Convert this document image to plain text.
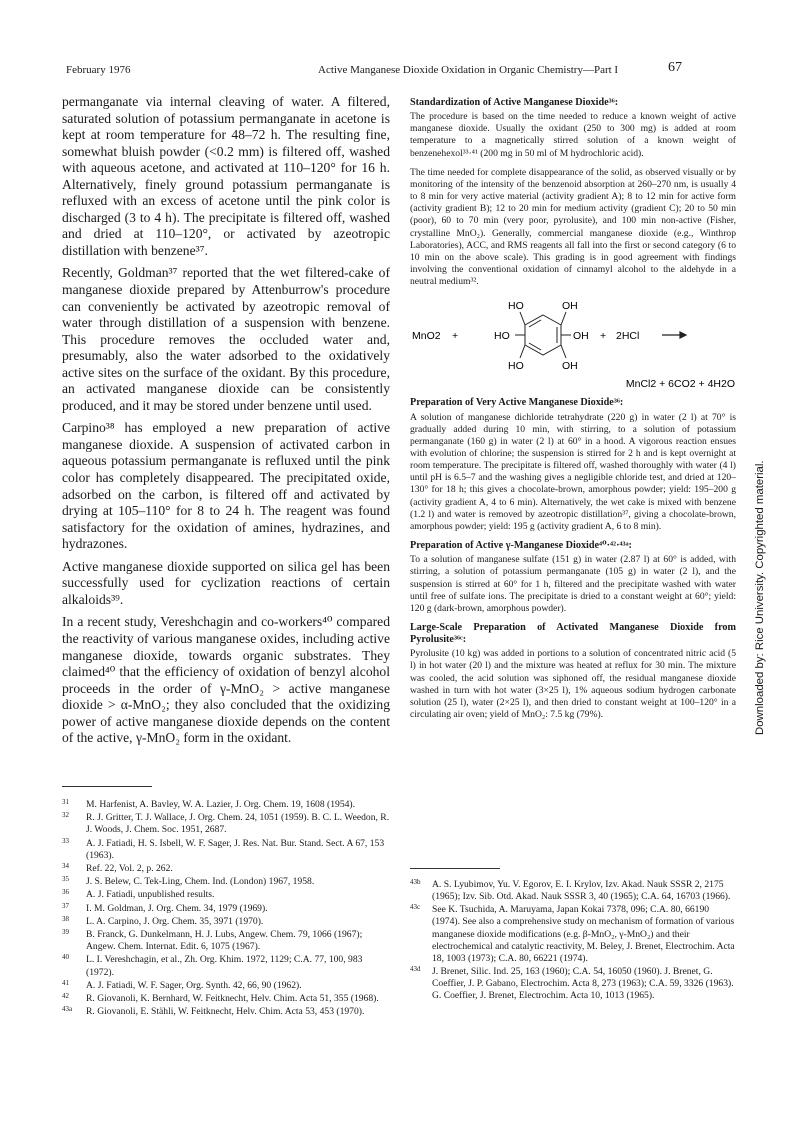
February 1976	Active Manganese Dioxide Oxidation in Organic Chemistry—Part I	67

permanganate via internal cleaving of water. A filtered, saturated solution of potassium permanganate in acetone is kept at room temperature for 48–72 h. The resulting fine, somewhat bluish powder (<0.2 mm) is filtered off, washed with aqueous acetone, and activated at 110–120° for 16 h. Alternatively, finely ground potassium permanganate is refluxed with an excess of acetone until the pink color is discharged (3 to 4 h). The precipitate is filtered off, washed and dried at 110–120°, or activated by azeotropic distillation with benzene³⁷.

Recently, Goldman³⁷ reported that the wet filtered-cake of manganese dioxide prepared by Attenburrow's procedure can conveniently be activated by azeotropic removal of water through distillation of a suspension with benzene. This procedure removes the occluded water and, presumably, also the water adsorbed to the oxidatively active sites on the surface of the oxidant. By this procedure, an activated manganese dioxide can be consistently produced, and it may be stored under benzene until used.

Carpino³⁸ has employed a new preparation of active manganese dioxide. A suspension of activated carbon in aqueous potassium permanganate is refluxed until the pink color has completely disappeared. The precipitated oxide, adsorbed on the carbon, is filtered off and activated by drying at 105–110° for 8 to 24 h. The reagent was found satisfactory for the oxidation of amines, hydrazines, and hydrazones.

Active manganese dioxide supported on silica gel has been successfully used for cyclization reactions of certain alkaloids³⁹.

In a recent study, Vereshchagin and co-workers⁴⁰ compared the reactivity of various manganese oxides, including active manganese dioxide, towards organic substrates. They claimed⁴⁰ that the efficiency of oxidation of benzyl alcohol proceeds in the order of γ-MnO₂ > active manganese dioxide > α-MnO₂; they also concluded that the oxidizing power of active manganese dioxide depends on the content of the active, γ-MnO₂ form in the oxidant.

31 M. Harfenist, A. Bavley, W. A. Lazier, J. Org. Chem. 19, 1608 (1954).
32 R. J. Gritter, T. J. Wallace, J. Org. Chem. 24, 1051 (1959). B. C. L. Weedon, R. J. Woods, J. Chem. Soc. 1951, 2687.
33 A. J. Fatiadi, H. S. Isbell, W. F. Sager, J. Res. Nat. Bur. Stand. Sect. A 67, 153 (1963).
34 Ref. 22, Vol. 2, p. 262.
35 J. S. Belew, C. Tek-Ling, Chem. Ind. (London) 1967, 1958.
36 A. J. Fatiadi, unpublished results.
37 I. M. Goldman, J. Org. Chem. 34, 1979 (1969).
38 L. A. Carpino, J. Org. Chem. 35, 3971 (1970).
39 B. Franck, G. Dunkelmann, H. J. Lubs, Angew. Chem. 79, 1066 (1967); Angew. Chem. Internat. Edit. 6, 1075 (1967).
40 L. I. Vereshchagin, et al., Zh. Org. Khim. 1972, 1129; C.A. 77, 100, 983 (1972).
41 A. J. Fatiadi, W. F. Sager, Org. Synth. 42, 66, 90 (1962).
42 R. Giovanoli, K. Bernhard, W. Feitknecht, Helv. Chim. Acta 51, 355 (1968).
43a R. Giovanoli, E. Stähli, W. Feitknecht, Helv. Chim. Acta 53, 453 (1970).
Standardization of Active Manganese Dioxide³⁶:

The procedure is based on the time needed to reduce a known weight of active manganese dioxide. Usually the oxidant (250 to 300 mg) is added at room temperature to a magnetically stirred solution of a known weight of benzenehexol³³·⁴¹ (200 mg in 50 ml of M hydrochloric acid).

The time needed for complete disappearance of the solid, as observed visually or by monitoring of the intensity of the benzenoid absorption at 260–270 nm, is usually 4 to 8 min for very active material (activity gradient A); 8 to 12 min for active form (activity gradient B); 12 to 20 min for medium activity (gradient C); 20 to 50 min (poor), 60 to 70 min (very poor, pyrolusite), and 100 min non-active (Fisher, crystalline MnO₂). Generally, commercial manganese dioxide (e.g., Winthrop Laboratories), ACC, and RMS reagents all fall into the first or second category (6 to 10 min on the above scale). This grading is in good agreement with findings involving the conventional oxidation of cinnamyl alcohol to the aldehyde in a neutral medium³².

MnO2 +	HO
HO	OH
HO	OH
OH + 2HCl
MnCl2 + 6CO2 + 4H2O
Preparation of Very Active Manganese Dioxide³⁶:

A solution of manganese dichloride tetrahydrate (220 g) in water (2 l) at 70° is gradually added during 10 min, with stirring, to a solution of potassium permanganate (160 g) in water (2 l) at 60° in a hood. A vigorous reaction ensues with evolution of chlorine; the suspension is stirred for 2 h and is kept overnight at room temperature. The precipitate is filtered off, washed thoroughly with water (4 l) until pH is 6.5–7 and the washing gives a negligible chloride test, and dried at 120–130° for 18 h; this gives a chocolate-brown, amorphous powder; yield: 195–200 g (activity gradient A, 4 to 6 min). Alternatively, the wet cake is mixed with benzene (1.2 l) and water is removed by azeotropic distillation³⁷, giving a chocolate-brown, amorphous powder; yield: 195 g (activity gradient A, 6 to 8 min).

Preparation of Active γ-Manganese Dioxide⁴⁰·⁴²·⁴³ᵃ:

To a solution of manganese sulfate (151 g) in water (2.87 l) at 60° is added, with stirring, a solution of potassium permanganate (105 g) in water (2 l), and the suspension is stirred at 60° for 1 h, filtered and the precipitate washed with water until free of sulfate ions. The precipitate is dried to a constant weight at 60°; yield: 120 g (dark-brown, amorphous powder).

Large-Scale Preparation of Activated Manganese Dioxide from Pyrolusite³⁶ᶜ:

Pyrolusite (10 kg) was added in portions to a solution of concentrated nitric acid (5 l) in hot water (20 l) and the mixture was heated at reflux for 30 min. The mixture was cooled, the acid solution was siphoned off, the residual manganese dioxide washed in turn with hot water (3×25 l), 1% aqueous sodium hydrogen carbonate solution (25 l), water (2×25 l), and then dried to constant weight at 100–120° in a circulating air oven; yield of MnO₂: 7.5 kg (79%).

43b A. S. Lyubimov, Yu. V. Egorov, E. I. Krylov, Izv. Akad. Nauk SSSR 2, 2175 (1965); Izv. Sib. Otd. Akad. Nauk SSSR 3, 40 (1965); C.A. 64, 16703 (1966).
43c See K. Tsuchida, A. Maruyama, Japan Kokai 7378, 096; C.A. 80, 66190 (1974). See also a comprehensive study on mechanism of formation of various manganese dioxide modifications (e.g. β-MnO₂, γ-MnO₂) and their electrochemical and catalytic reactivity, M. Beley, J. Brenet, Electrochim. Acta 18, 1003 (1973); C.A. 80, 66221 (1974).
43d J. Brenet, Silic. Ind. 25, 163 (1960); C.A. 54, 16050 (1960). J. Brenet, G. Coeffier, J. P. Gabano, Electrochim. Acta 8, 273 (1963); C.A. 59, 3326 (1963). G. Coeffier, J. Brenet, Electrochim. Acta 10, 1013 (1965).
Downloaded by: Rice University. Copyrighted material.
